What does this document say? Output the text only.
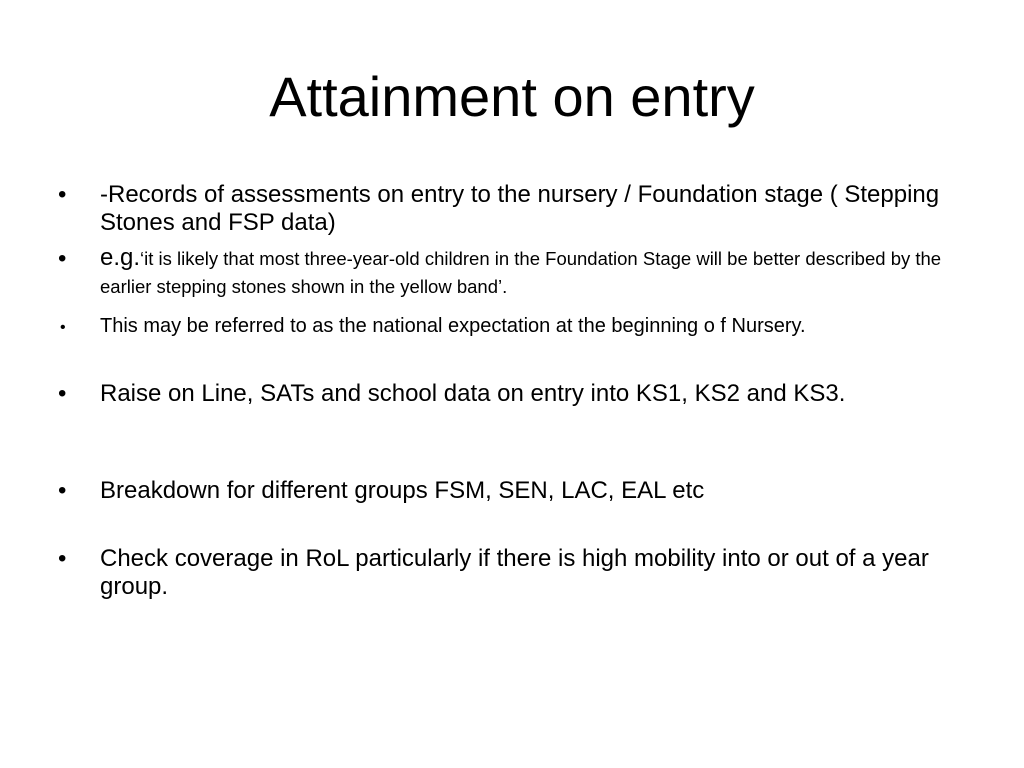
Attainment on entry
• -Records of assessments on entry to the nursery / Foundation stage ( Stepping Stones and FSP data)
• e.g.‘it is likely that most three-year-old children in the Foundation Stage will be better described by the earlier stepping stones shown in the yellow band’.
• This may be referred to as the national expectation at the beginning o f Nursery.
• Raise on Line, SATs and school data on entry into KS1, KS2 and KS3.
• Breakdown for different groups FSM, SEN, LAC, EAL etc
• Check coverage in RoL particularly if there is high mobility into or out of a year group.
